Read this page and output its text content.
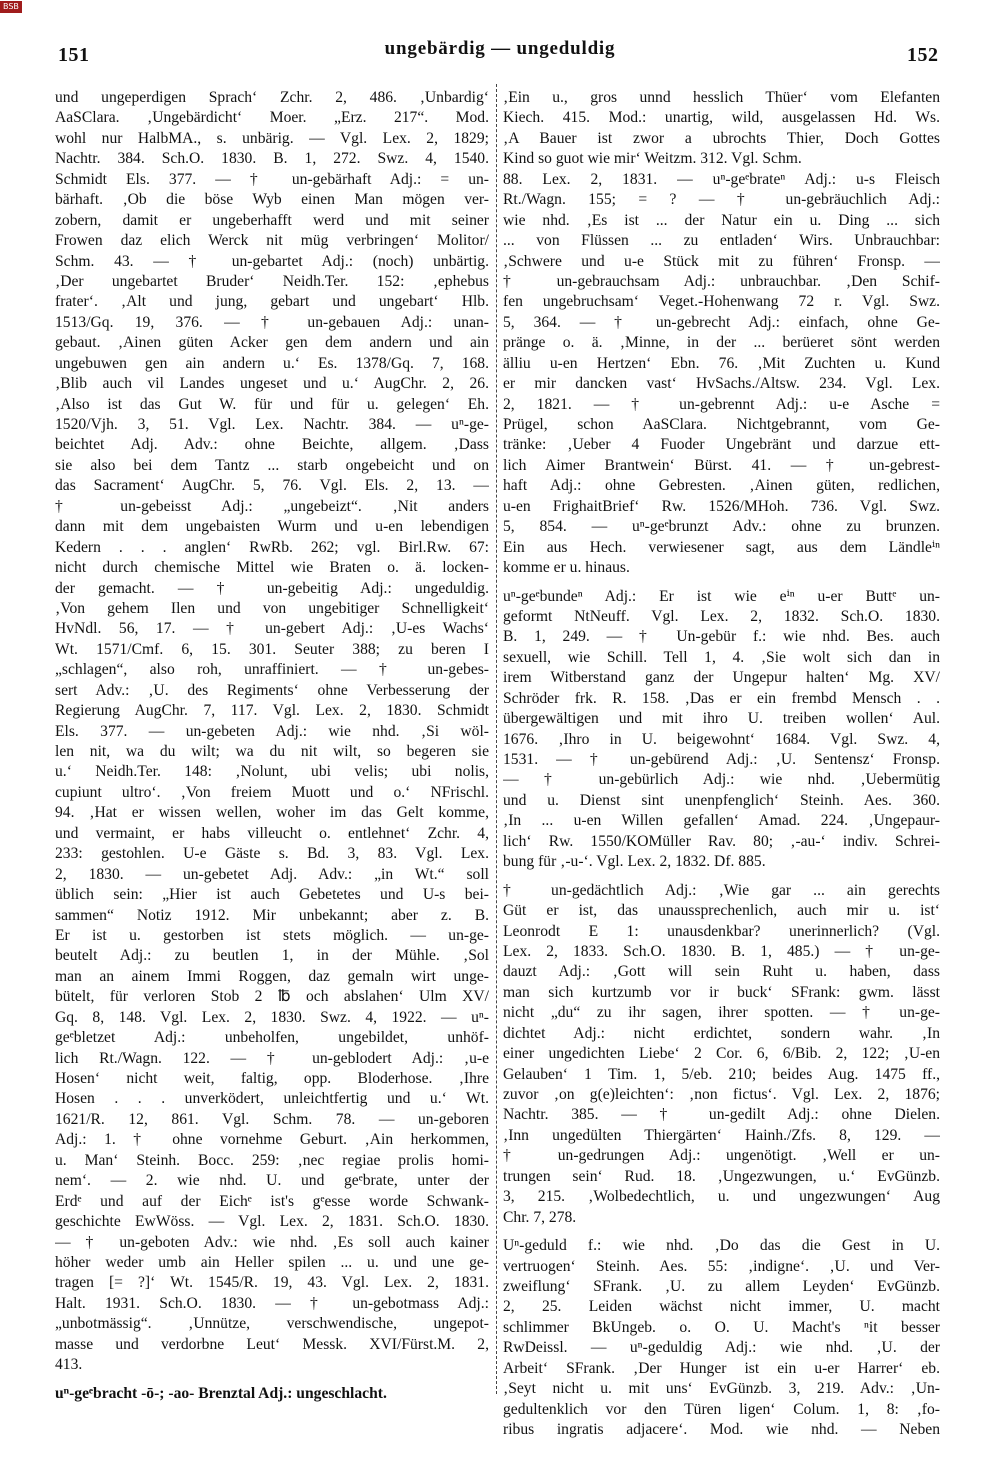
BSB
151	ungebärdig — ungeduldig	152
und ungeperdigen Sprach‘ Zchr. 2, 486. ‚Unbardig‘
AaSClara. ‚Ungebärdicht‘ Moer. „Erz. 217“. Mod.
wohl nur HalbMA., s. unbärig. — Vgl. Lex. 2, 1829;
Nachtr. 384. Sch.O. 1830. B. 1, 272. Swz. 4, 1540.
Schmidt Els. 377. — † un-gebärhaft Adj.: = un-
bärhaft. ‚Ob die böse Wyb einen Man mögen ver-
zobern, damit er ungeberhafft werd und mit seiner
Frowen daz elich Werck nit müg verbringen‘ Molitor/
Schm. 43. — † un-gebartet Adj.: (noch) unbärtig.
‚Der ungebartet Bruder‘ Neidh.Ter. 152: ‚ephebus
frater‘. ‚Alt und jung, gebart und ungebart‘ Hlb.
1513/Gq. 19, 376. — † un-gebauen Adj.: unan-
gebaut. ‚Ainen güten Acker gen dem andern und ain
ungebuwen gen ain andern u.‘ Es. 1378/Gq. 7, 168.
‚Blib auch vil Landes ungeset und u.‘ AugChr. 2, 26.
‚Also ist das Gut W. für und für u. gelegen‘ Eh.
1520/Vjh. 3, 51. Vgl. Lex. Nachtr. 384. — uⁿ-ge-
beichtet Adj. Adv.: ohne Beichte, allgem. ‚Dass
sie also bei dem Tantz ... starb ongebeicht und on
das Sacrament‘ AugChr. 5, 76. Vgl. Els. 2, 13. —
† un-gebeisst Adj.: „ungebeizt“. ‚Nit anders
dann mit dem ungebaisten Wurm und u-en lebendigen
Kedern . . . anglen‘ RwRb. 262; vgl. Birl.Rw. 67:
nicht durch chemische Mittel wie Braten o. ä. locken-
der gemacht. — † un-gebeitig Adj.: ungeduldig.
‚Von gehem Ilen und von ungebitiger Schnelligkeit‘
HvNdl. 56, 17. — † un-gebert Adj.: ‚U-es Wachs‘
Wt. 1571/Cmf. 6, 15. 301. Seuter 388; zu beren I
„schlagen“, also roh, unraffiniert. — † un-gebes-
sert Adv.: ‚U. des Regiments‘ ohne Verbesserung der
Regierung AugChr. 7, 117. Vgl. Lex. 2, 1830. Schmidt
Els. 377. — un-gebeten Adj.: wie nhd. ‚Si wöl-
len nit, wa du wilt; wa du nit wilt, so begeren sie
u.‘ Neidh.Ter. 148: ‚Nolunt, ubi velis; ubi nolis,
cupiunt ultro‘. ‚Von freiem Muott und o.‘ NFrischl.
94. ‚Hat er wissen wellen, woher im das Gelt komme,
und vermaint, er habs villeucht o. entlehnet‘ Zchr. 4,
233: gestohlen. U-e Gäste s. Bd. 3, 83. Vgl. Lex.
2, 1830. — un-gebetet Adj. Adv.: „in Wt.“ soll
üblich sein: „Hier ist auch Gebetetes und U-s bei-
sammen“ Notiz 1912. Mir unbekannt; aber z. B.
Er ist u. gestorben ist stets möglich. — un-ge-
beutelt Adj.: zu beutlen 1, in der Mühle. ‚Sol
man an ainem Immi Roggen, daz gemaln wirt unge-
bütelt, für verloren Stob 2 ℔ och abslahen‘ Ulm XV/
Gq. 8, 148. Vgl. Lex. 2, 1830. Swz. 4, 1922. — uⁿ-
geᵉbletzet Adj.: unbeholfen, ungebildet, unhöf-
lich Rt./Wagn. 122. — † un-geblodert Adj.: ‚u-e
Hosen‘ nicht weit, faltig, opp. Bloderhose. ‚Ihre
Hosen . . . unverködert, unleichtfertig und u.‘ Wt.
1621/R. 12, 861. Vgl. Schm. 78. — un-geboren
Adj.: 1. † ohne vornehme Geburt. ‚Ain herkommen,
u. Man‘ Steinh. Bocc. 259: ‚nec regiae prolis homi-
nem‘. — 2. wie nhd. U. und geᵉbrate, unter der
Erdᵉ und auf der Eichᵉ ist's gᵉesse worde Schwank-
geschichte EwWöss. — Vgl. Lex. 2, 1831. Sch.O. 1830.
— † un-geboten Adv.: wie nhd. ‚Es soll auch kainer
höher weder umb ain Heller spilen ... u. und une ge-
tragen [= ?]‘ Wt. 1545/R. 19, 43. Vgl. Lex. 2, 1831.
Halt. 1931. Sch.O. 1830. — † un-gebotmass Adj.:
„unbotmässig“. ‚Unnütze, verschwendische, ungepot-
masse und verdorbne Leut‘ Messk. XVI/Fürst.M. 2,
413.
uⁿ-geᵉbracht -ō-; -ao- Brenztal Adj.: ungeschlacht.
‚Ein u., gros unnd hesslich Thüer‘ vom Elefanten
Kiech. 415. Mod.: unartig, wild, ausgelassen Hd. Ws.
‚A Bauer ist zwor a ubrochts Thier, Doch Gottes
Kind so guot wie mir‘ Weitzm. 312. Vgl. Schm.
88. Lex. 2, 1831. — uⁿ-geᵉbrateⁿ Adj.: u-s Fleisch
Rt./Wagn. 155; = ? — † un-gebräuchlich Adj.:
wie nhd. ‚Es ist ... der Natur ein u. Ding ... sich
... von Flüssen ... zu entladen‘ Wirs. Unbrauchbar:
‚Schwere und u-e Stück mit zu führen‘ Fronsp. —
† un-gebrauchsam Adj.: unbrauchbar. ‚Den Schif-
fen ungebruchsam‘ Veget.-Hohenwang 72 r. Vgl. Swz.
5, 364. — † un-gebrecht Adj.: einfach, ohne Ge-
pränge o. ä. ‚Minne, in der ... berüeret sönt werden
älliu u-en Hertzen‘ Ebn. 76. ‚Mit Zuchten u. Kund
er mir dancken vast‘ HvSachs./Altsw. 234. Vgl. Lex.
2, 1821. — † un-gebrennt Adj.: u-e Asche =
Prügel, schon AaSClara. Nichtgebrannt, vom Ge-
tränke: ‚Ueber 4 Fuoder Ungebränt und darzue ett-
lich Aimer Brantwein‘ Bürst. 41. — † un-gebrest-
haft Adj.: ohne Gebresten. ‚Ainen güten, redlichen,
u-en FrighaitBrief‘ Rw. 1526/MHoh. 736. Vgl. Swz.
5, 854. — uⁿ-geᵉbrunzt Adv.: ohne zu brunzen.
Ein aus Hech. verwiesener sagt, aus dem Ländleⁱⁿ
komme er u. hinaus.
uⁿ-geᵉbundeⁿ Adj.: Er ist wie eⁱⁿ u-er Buttᵉ un-
geformt NtNeuff. Vgl. Lex. 2, 1832. Sch.O. 1830.
B. 1, 249. — † Un-gebür f.: wie nhd. Bes. auch
sexuell, wie Schill. Tell 1, 4. ‚Sie wolt sich dan in
irem Witberstand ganz der Ungepur halten‘ Mg. XV/
Schröder frk. R. 158. ‚Das er ein frembd Mensch . .
übergewältigen und mit ihro U. treiben wollen‘ Aul.
1676. ‚Ihro in U. beigewohnt‘ 1684. Vgl. Swz. 4,
1531. — † un-gebürend Adj.: ‚U. Sentensz‘ Fronsp.
— † un-gebürlich Adj.: wie nhd. ‚Uebermütig
und u. Dienst sint unenpfenglich‘ Steinh. Aes. 360.
‚In ... u-en Willen gefallen‘ Amad. 224. ‚Ungepaur-
lich‘ Rw. 1550/KOMüller Rav. 80; ‚-au-‘ indiv. Schrei-
bung für ‚-u-‘. Vgl. Lex. 2, 1832. Df. 885.
† un-gedächtlich Adj.: ‚Wie gar ... ain gerechts
Güt er ist, das unaussprechenlich, auch mir u. ist‘
Leonrodt E 1: unausdenkbar? unerinnerlich? (Vgl.
Lex. 2, 1833. Sch.O. 1830. B. 1, 485.) — † un-ge-
dauzt Adj.: ‚Gott will sein Ruht u. haben, dass
man sich kurtzumb vor ir buck‘ SFrank: gwm. lässt
nicht „du“ zu ihr sagen, ihrer spotten. — † un-ge-
dichtet Adj.: nicht erdichtet, sondern wahr. ‚In
einer ungedichten Liebe‘ 2 Cor. 6, 6/Bib. 2, 122; ‚U-en
Gelauben‘ 1 Tim. 1, 5/eb. 210; beides Aug. 1475 ff.,
zuvor ‚on g(e)leichten‘: ‚non fictus‘. Vgl. Lex. 2, 1876;
Nachtr. 385. — † un-gedilt Adj.: ohne Dielen.
‚Inn ungedülten Thiergärten‘ Hainh./Zfs. 8, 129. —
† un-gedrungen Adj.: ungenötigt. ‚Well er un-
trungen sein‘ Rud. 18. ‚Ungezwungen, u.‘ EvGünzb.
3, 215. ‚Wolbedechtlich, u. und ungezwungen‘ Aug
Chr. 7, 278.
Uⁿ-geduld f.: wie nhd. ‚Do das die Gest in U.
vertruogen‘ Steinh. Aes. 55: ‚indigne‘. ‚U. und Ver-
zweiflung‘ SFrank. ‚U. zu allem Leyden‘ EvGünzb.
2, 25. Leiden wächst nicht immer, U. macht
schlimmer BkUngeb. o. O. U. Macht's ⁿit besser
RwDeissl. — uⁿ-geduldig Adj.: wie nhd. ‚U. der
Arbeit‘ SFrank. ‚Der Hunger ist ein u-er Harrer‘ eb.
‚Seyt nicht u. mit uns‘ EvGünzb. 3, 219. Adv.: ‚Un-
gedultenklich vor den Türen ligen‘ Colum. 1, 8: ‚fo-
ribus ingratis adjacere‘. Mod. wie nhd. — Neben
